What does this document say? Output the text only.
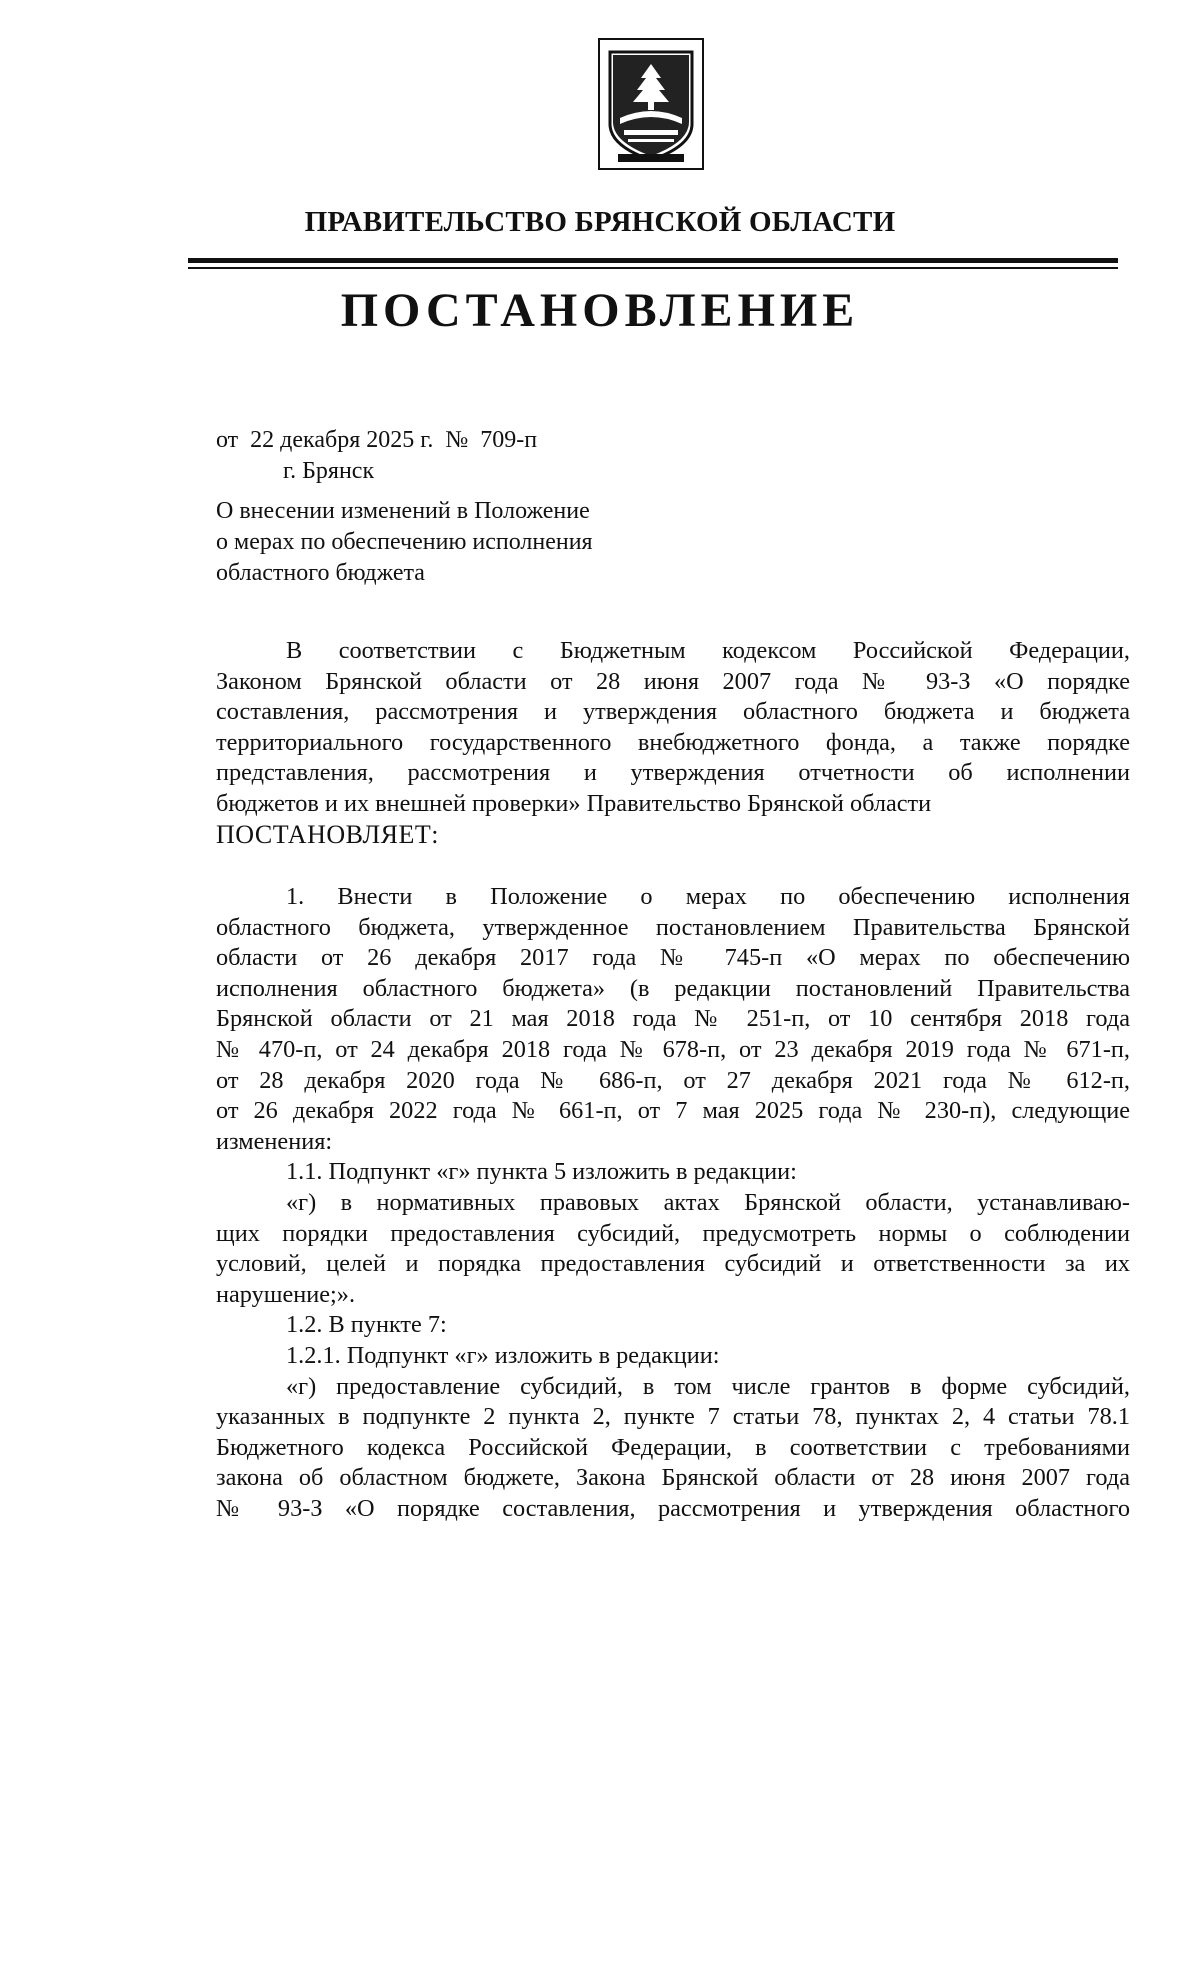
ПРАВИТЕЛЬСТВО БРЯНСКОЙ ОБЛАСТИ
ПОСТАНОВЛЕНИЕ
от  22 декабря 2025 г.  №  709-п
г. Брянск
О внесении изменений в Положение
о мерах по обеспечению исполнения
областного бюджета
В соответствии с Бюджетным кодексом Российской Федерации,
Законом Брянской области от 28 июня 2007 года № 93-З «О порядке
составления, рассмотрения и утверждения областного бюджета и бюджета
территориального государственного внебюджетного фонда, а также порядке
представления, рассмотрения и утверждения отчетности об исполнении
бюджетов и их внешней проверки» Правительство Брянской области
ПОСТАНОВЛЯЕТ:
1. Внести в Положение о мерах по обеспечению исполнения
областного бюджета, утвержденное постановлением Правительства Брянской
области от 26 декабря 2017 года № 745-п «О мерах по обеспечению
исполнения областного бюджета» (в редакции постановлений Правительства
Брянской области от 21 мая 2018 года № 251-п, от 10 сентября 2018 года
№ 470-п, от 24 декабря 2018 года № 678-п, от 23 декабря 2019 года № 671-п,
от 28 декабря 2020 года № 686-п, от 27 декабря 2021 года № 612-п,
от 26 декабря 2022 года № 661-п, от 7 мая 2025 года № 230-п), следующие
изменения:
1.1. Подпункт «г» пункта 5 изложить в редакции:
«г) в нормативных правовых актах Брянской области, устанавливаю-
щих порядки предоставления субсидий, предусмотреть нормы о соблюдении
условий, целей и порядка предоставления субсидий и ответственности за их
нарушение;».
1.2. В пункте 7:
1.2.1. Подпункт «г» изложить в редакции:
«г) предоставление субсидий, в том числе грантов в форме субсидий,
указанных в подпункте 2 пункта 2, пункте 7 статьи 78, пунктах 2, 4 статьи 78.1
Бюджетного кодекса Российской Федерации, в соответствии с требованиями
закона об областном бюджете, Закона Брянской области от 28 июня 2007 года
№ 93-З «О порядке составления, рассмотрения и утверждения областного
